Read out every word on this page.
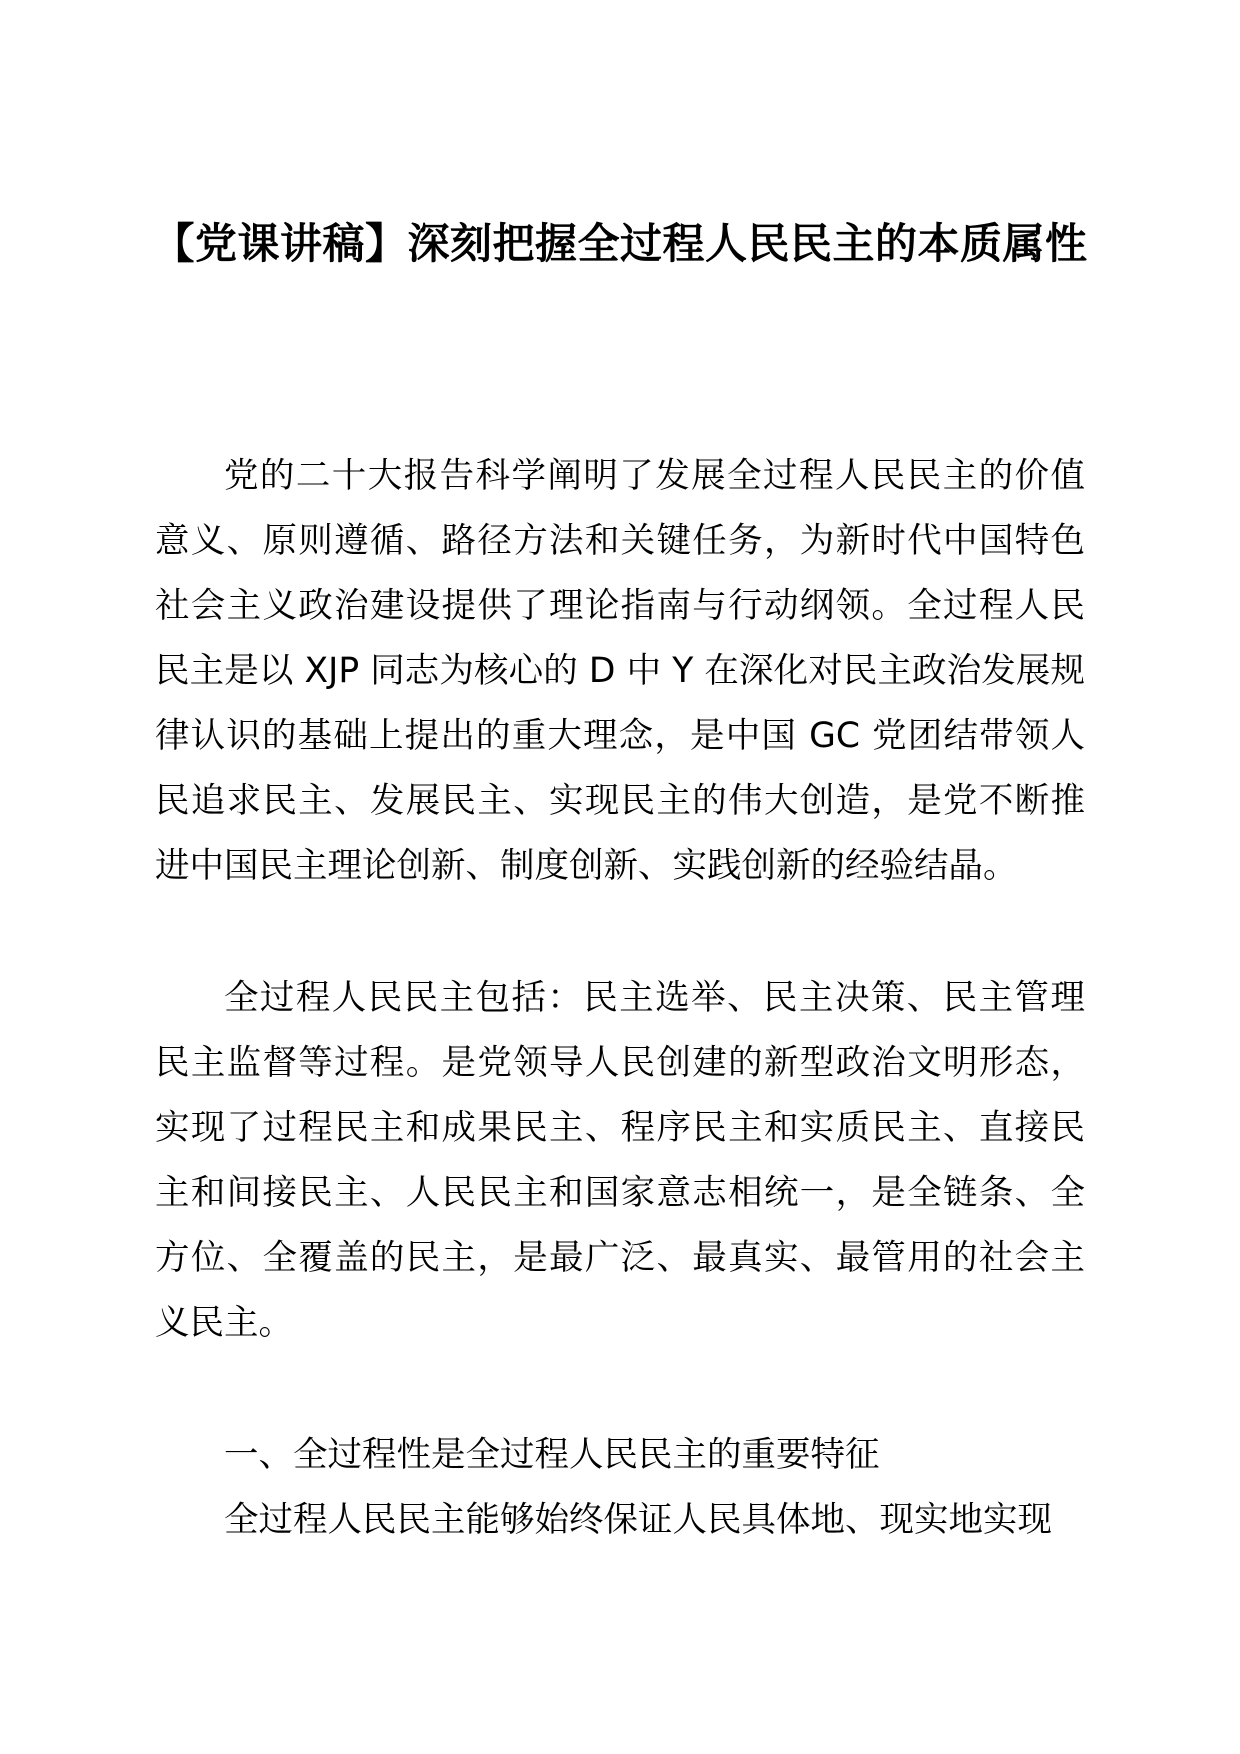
【党课讲稿】深刻把握全过程人民民主的本质属性

党的二十大报告科学阐明了发展全过程人民民主的价值意义、原则遵循、路径方法和关键任务，为新时代中国特色社会主义政治建设提供了理论指南与行动纲领。全过程人民民主是以 XJP 同志为核心的 D 中 Y 在深化对民主政治发展规律认识的基础上提出的重大理念，是中国 GC 党团结带领人民追求民主、发展民主、实现民主的伟大创造，是党不断推进中国民主理论创新、制度创新、实践创新的经验结晶。

全过程人民民主包括：民主选举、民主决策、民主管理民主监督等过程。是党领导人民创建的新型政治文明形态，实现了过程民主和成果民主、程序民主和实质民主、直接民主和间接民主、人民民主和国家意志相统一，是全链条、全方位、全覆盖的民主，是最广泛、最真实、最管用的社会主义民主。

一、全过程性是全过程人民民主的重要特征

全过程人民民主能够始终保证人民具体地、现实地实现
